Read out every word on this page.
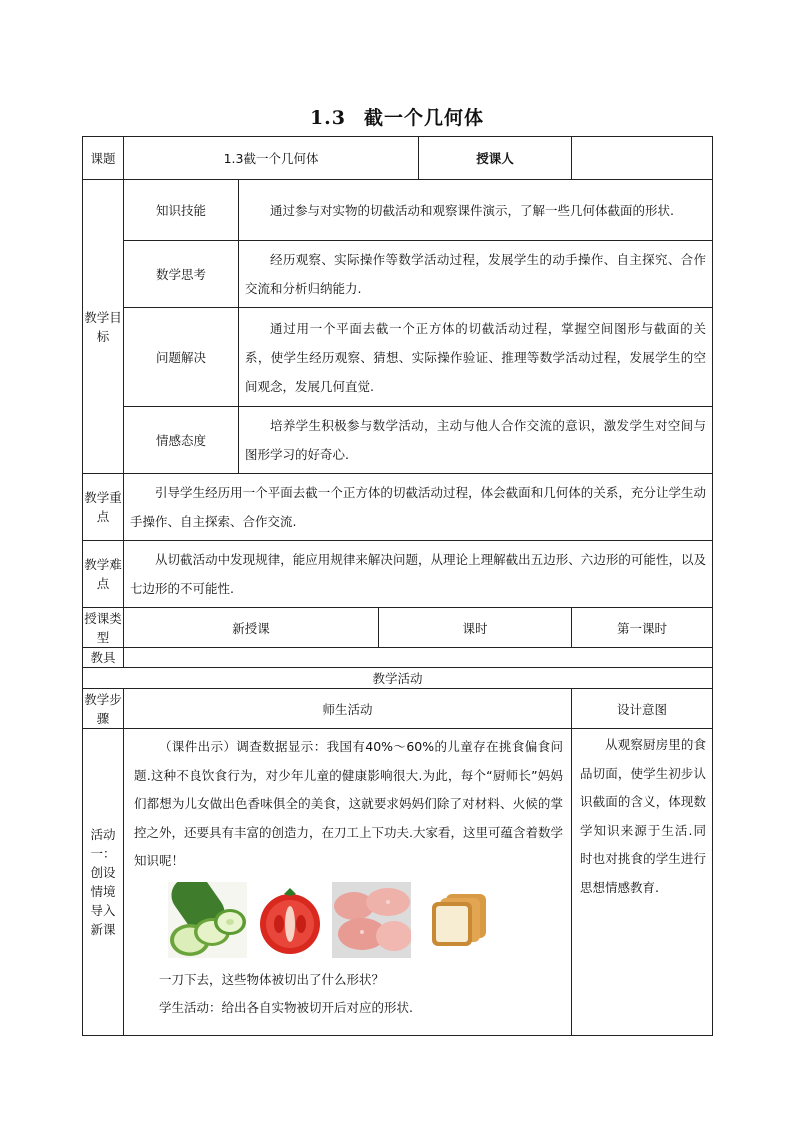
1.3 截一个几何体
课题	1.3截一个几何体			授课人	
教学目标	知识技能	通过参与对实物的切截活动和观察课件演示，了解一些几何体截面的形状.			
	数学思考	经历观察、实际操作等数学活动过程，发展学生的动手操作、自主探究、合作交流和分析归纳能力.			
	问题解决	通过用一个平面去截一个正方体的切截活动过程，掌握空间图形与截面的关系，使学生经历观察、猜想、实际操作验证、推理等数学活动过程，发展学生的空间观念，发展几何直觉.			
	情感态度	培养学生积极参与数学活动，主动与他人合作交流的意识，激发学生对空间与图形学习的好奇心.			
教学重点	引导学生经历用一个平面去截一个正方体的切截活动过程，体会截面和几何体的关系，充分让学生动手操作、自主探索、合作交流.				
教学难点	从切截活动中发现规律，能应用规律来解决问题，从理论上理解截出五边形、六边形的可能性，以及七边形的不可能性.				
授课类型	新授课		课时		第一课时
教具					
教学活动					
教学步骤	师生活动				设计意图
活动一：创设情境导入新课	（课件出示）调查数据显示：我国有40%～60%的儿童存在挑食偏食问题.这种不良饮食行为，对少年儿童的健康影响很大.为此，每个“厨师长”妈妈们都想为儿女做出色香味俱全的美食，这就要求妈妈们除了对材料、火候的掌控之外，还要具有丰富的创造力，在刀工上下功夫.大家看，这里可蕴含着数学知识呢！

一刀下去，这些物体被切出了什么形状？

学生活动：给出各自实物被切开后对应的形状.				从观察厨房里的食品切面，使学生初步认识截面的含义，体现数学知识来源于生活.同时也对挑食的学生进行思想情感教育.
